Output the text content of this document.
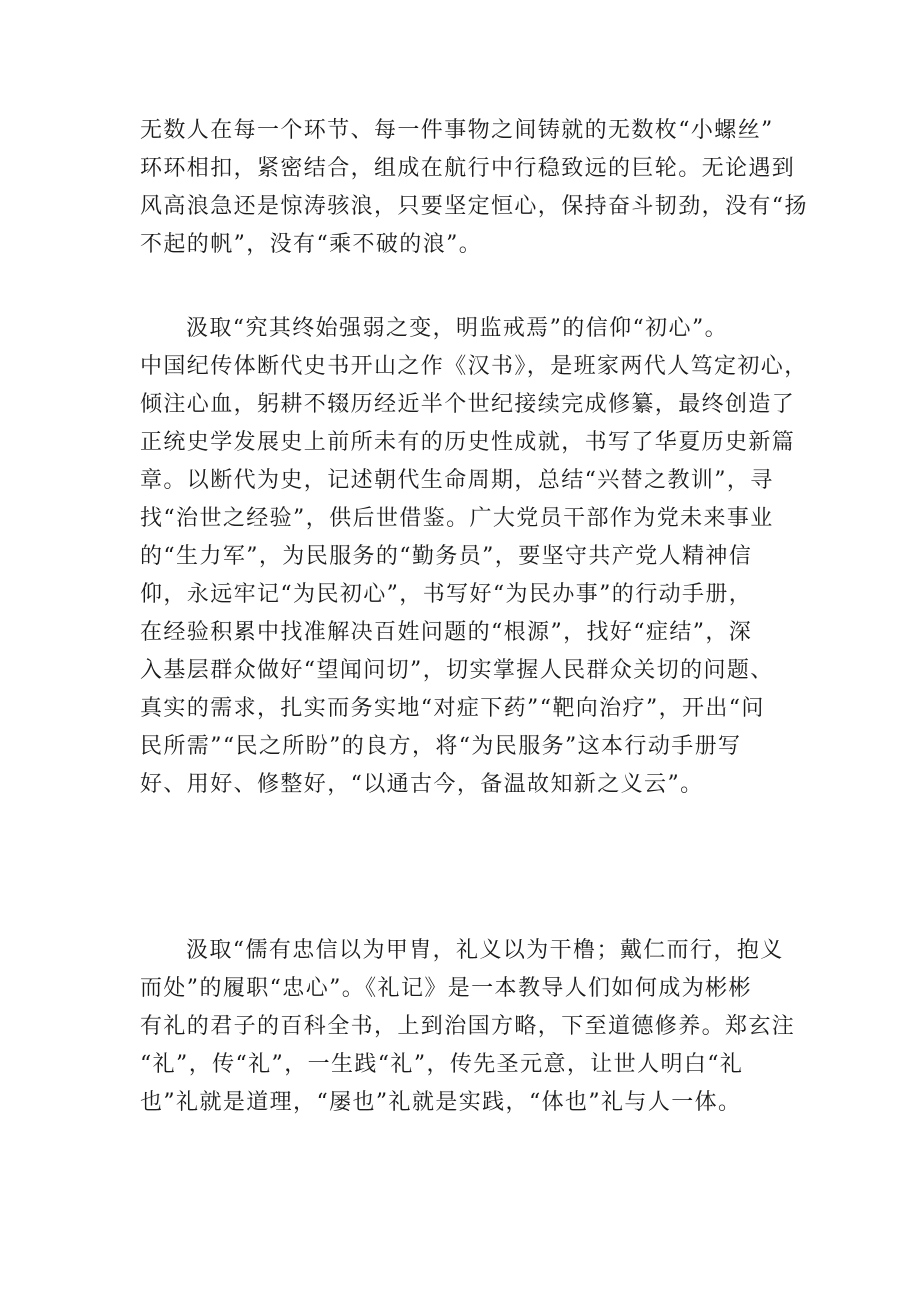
无数人在每一个环节、每一件事物之间铸就的无数枚“小螺丝”
环环相扣，紧密结合，组成在航行中行稳致远的巨轮。无论遇到
风高浪急还是惊涛骇浪，只要坚定恒心，保持奋斗韧劲，没有“扬
不起的帆”，没有“乘不破的浪”。
汲取“究其终始强弱之变，明监戒焉”的信仰“初心”。
中国纪传体断代史书开山之作《汉书》，是班家两代人笃定初心，
倾注心血，躬耕不辍历经近半个世纪接续完成修纂，最终创造了
正统史学发展史上前所未有的历史性成就，书写了华夏历史新篇
章。以断代为史，记述朝代生命周期，总结“兴替之教训”，寻
找“治世之经验”，供后世借鉴。广大党员干部作为党未来事业
的“生力军”，为民服务的“勤务员”，要坚守共产党人精神信
仰，永远牢记“为民初心”，书写好“为民办事”的行动手册，
在经验积累中找准解决百姓问题的“根源”，找好“症结”，深
入基层群众做好“望闻问切”，切实掌握人民群众关切的问题、
真实的需求，扎实而务实地“对症下药”“靶向治疗”，开出“问
民所需”“民之所盼”的良方，将“为民服务”这本行动手册写
好、用好、修整好，“以通古今，备温故知新之义云”。
汲取“儒有忠信以为甲胄，礼义以为干橹；戴仁而行，抱义
而处”的履职“忠心”。《礼记》是一本教导人们如何成为彬彬
有礼的君子的百科全书，上到治国方略，下至道德修养。郑玄注
“礼”，传“礼”，一生践“礼”，传先圣元意，让世人明白“礼
也”礼就是道理，“屡也”礼就是实践，“体也”礼与人一体。
